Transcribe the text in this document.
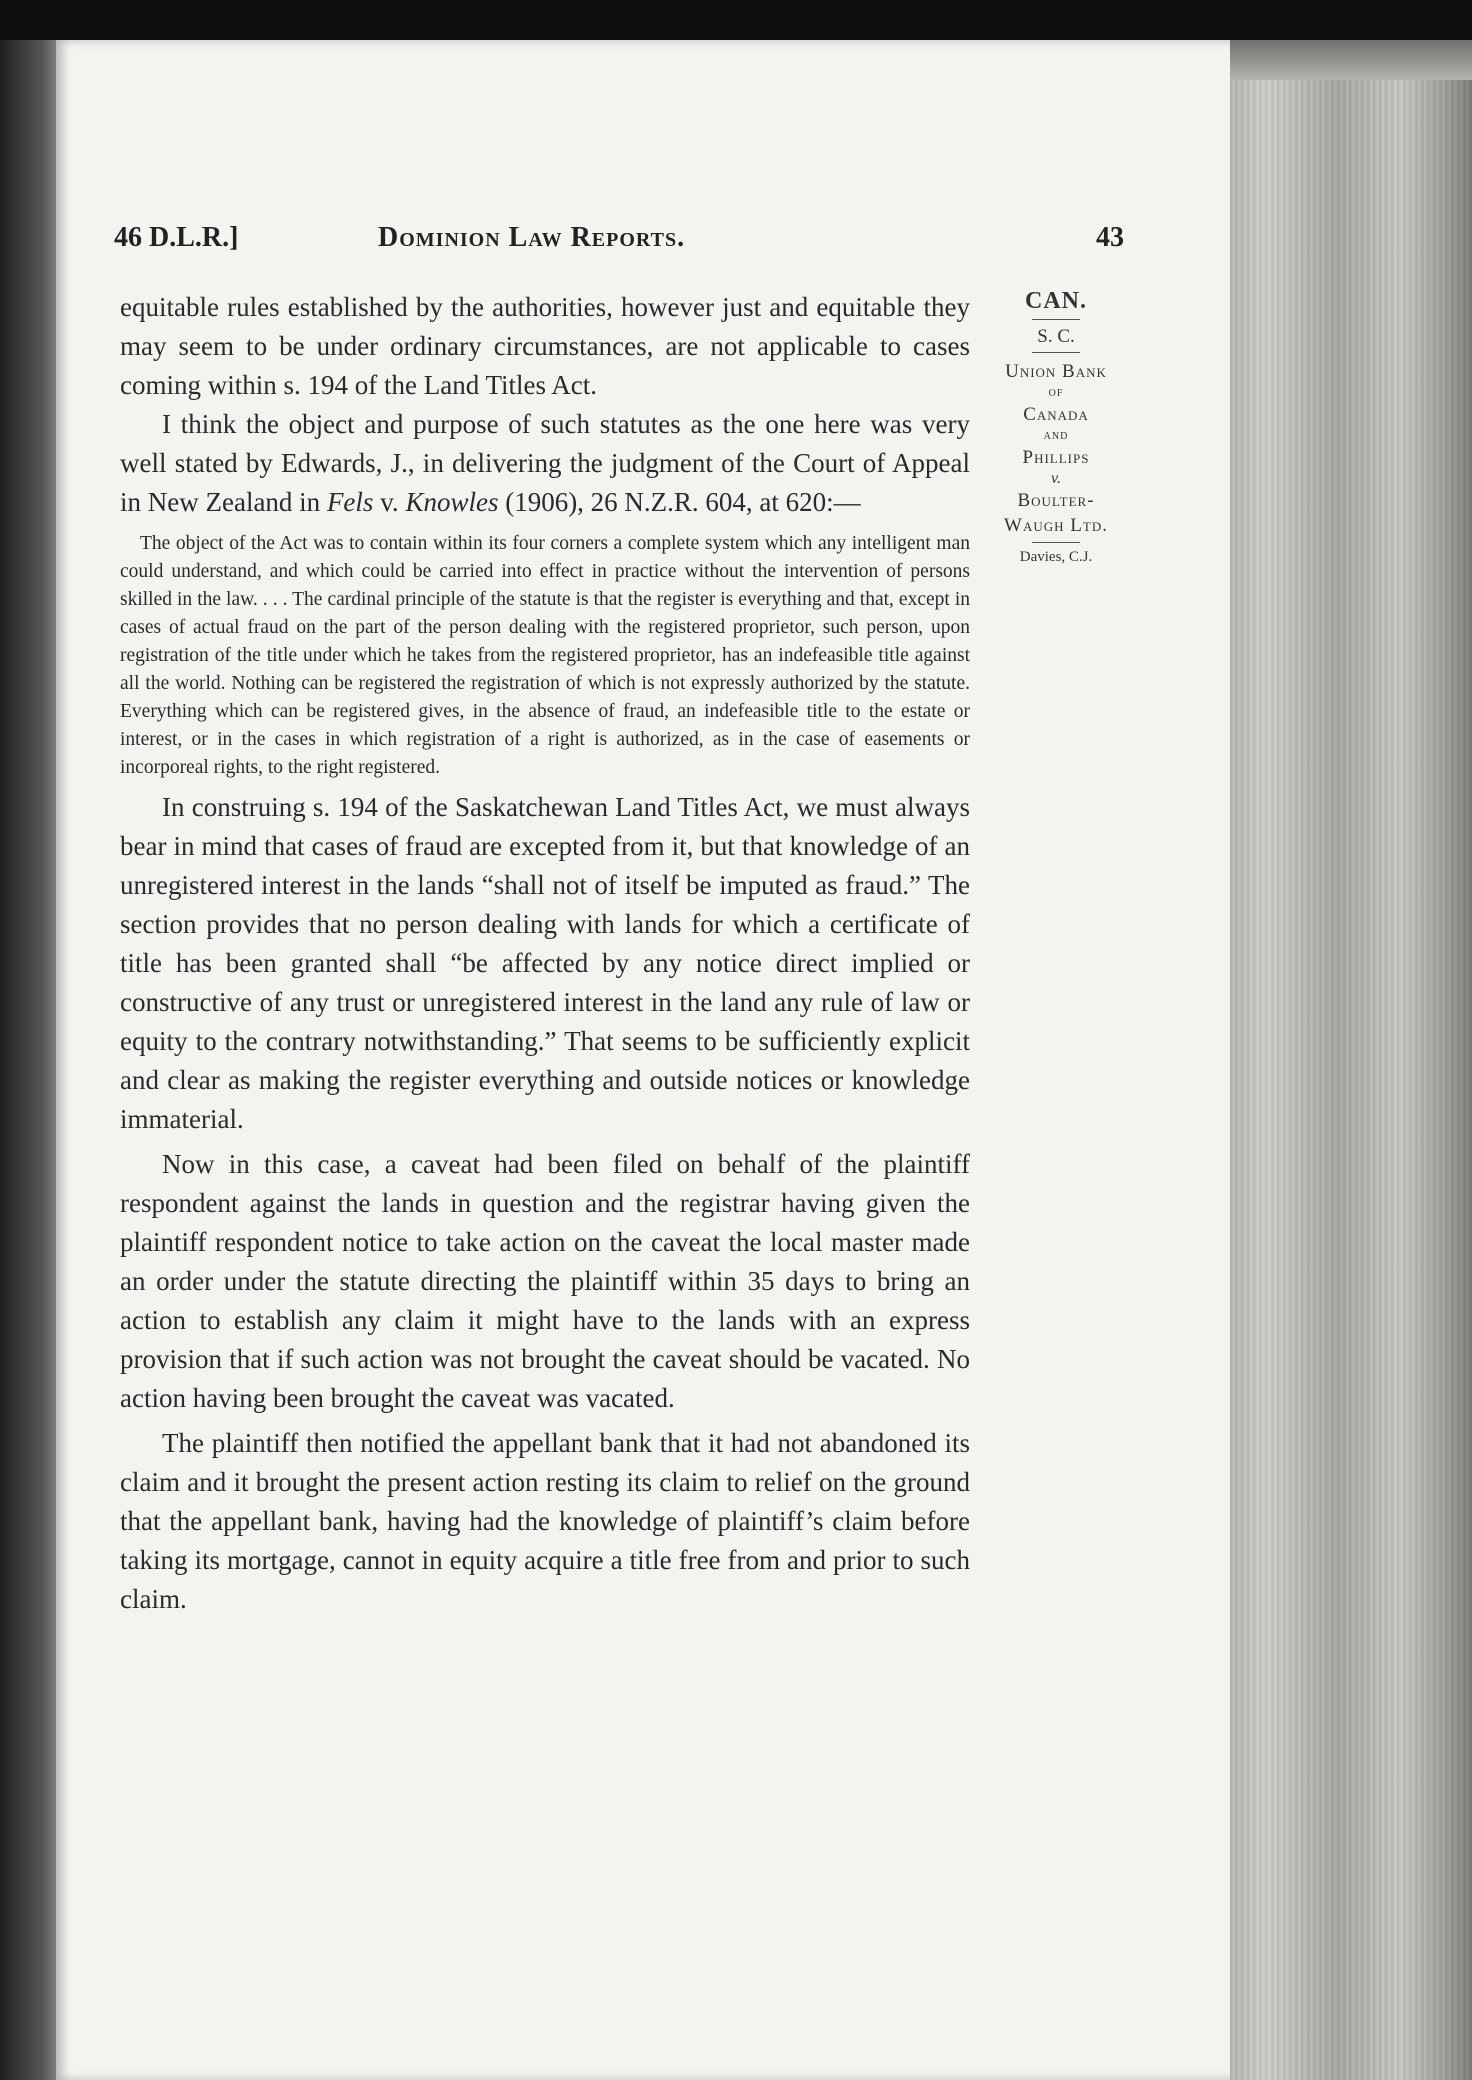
46 D.L.R.]	Dominion Law Reports.	43
CAN.
S. C.
Union Bank
of
Canada
and
Phillips
v.
Boulter-
Waugh Ltd.
Davies, C.J.

equitable rules established by the authorities, however just and equitable they may seem to be under ordinary circumstances, are not applicable to cases coming within s. 194 of the Land Titles Act.

I think the object and purpose of such statutes as the one here was very well stated by Edwards, J., in delivering the judgment of the Court of Appeal in New Zealand in Fels v. Knowles (1906), 26 N.Z.R. 604, at 620:—

The object of the Act was to contain within its four corners a complete system which any intelligent man could understand, and which could be carried into effect in practice without the intervention of persons skilled in the law. . . . The cardinal principle of the statute is that the register is everything and that, except in cases of actual fraud on the part of the person dealing with the registered proprietor, such person, upon registration of the title under which he takes from the registered proprietor, has an indefeasible title against all the world. Nothing can be registered the registration of which is not expressly authorized by the statute. Everything which can be registered gives, in the absence of fraud, an indefeasible title to the estate or interest, or in the cases in which registration of a right is authorized, as in the case of easements or incorporeal rights, to the right registered.

In construing s. 194 of the Saskatchewan Land Titles Act, we must always bear in mind that cases of fraud are excepted from it, but that knowledge of an unregistered interest in the lands “shall not of itself be imputed as fraud.” The section provides that no person dealing with lands for which a certificate of title has been granted shall “be affected by any notice direct implied or constructive of any trust or unregistered interest in the land any rule of law or equity to the contrary notwithstanding.” That seems to be sufficiently explicit and clear as making the register everything and outside notices or knowledge immaterial.

Now in this case, a caveat had been filed on behalf of the plaintiff respondent against the lands in question and the registrar having given the plaintiff respondent notice to take action on the caveat the local master made an order under the statute directing the plaintiff within 35 days to bring an action to establish any claim it might have to the lands with an express provision that if such action was not brought the caveat should be vacated. No action having been brought the caveat was vacated.

The plaintiff then notified the appellant bank that it had not abandoned its claim and it brought the present action resting its claim to relief on the ground that the appellant bank, having had the knowledge of plaintiff’s claim before taking its mortgage, cannot in equity acquire a title free from and prior to such claim.
